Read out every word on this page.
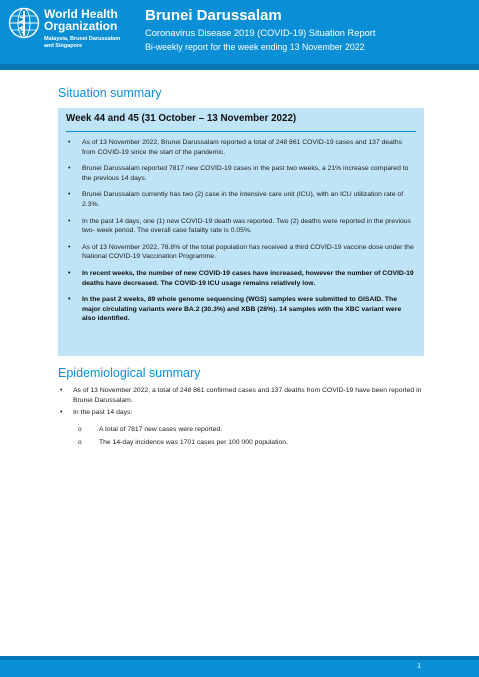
World Health
Organization
Malaysia, Brunei Darussalam
and Singapore
Brunei Darussalam
Coronavirus Disease 2019 (COVID-19) Situation Report
Bi-weekly report for the week ending 13 November 2022
Situation summary
Week 44 and 45 (31 October – 13 November 2022)
• As of 13 November 2022, Brunei Darussalam reported a total of 248 861 COVID-19 cases and 137 deaths from COVID-19 since the start of the pandemic.
• Brunei Darussalam reported 7817 new COVID-19 cases in the past two weeks, a 21% increase compared to the previous 14 days.
• Brunei Darussalam currently has two (2) case in the intensive care unit (ICU), with an ICU utilization rate of 2.3%.
• In the past 14 days, one (1) new COVID-19 death was reported. Two (2) deaths were reported in the previous two- week period. The overall case fatality rate is 0.05%.
• As of 13 November 2022, 78.8% of the total population has received a third COVID-19 vaccine dose under the National COVID-19 Vaccination Programme.
• In recent weeks, the number of new COVID-19 cases have increased, however the number of COVID-19 deaths have decreased. The COVID-19 ICU usage remains relatively low.
• In the past 2 weeks, 89 whole genome sequencing (WGS) samples were submitted to GISAID. The major circulating variants were BA.2 (30.3%) and XBB (28%). 14 samples with the XBC variant were also identified.
Epidemiological summary
• As of 13 November 2022, a total of 248 861 confirmed cases and 137 deaths from COVID-19 have been reported in Brunei Darussalam.
• In the past 14 days:
o A total of 7817 new cases were reported.
o The 14-day incidence was 1701 cases per 100 000 population.
1
